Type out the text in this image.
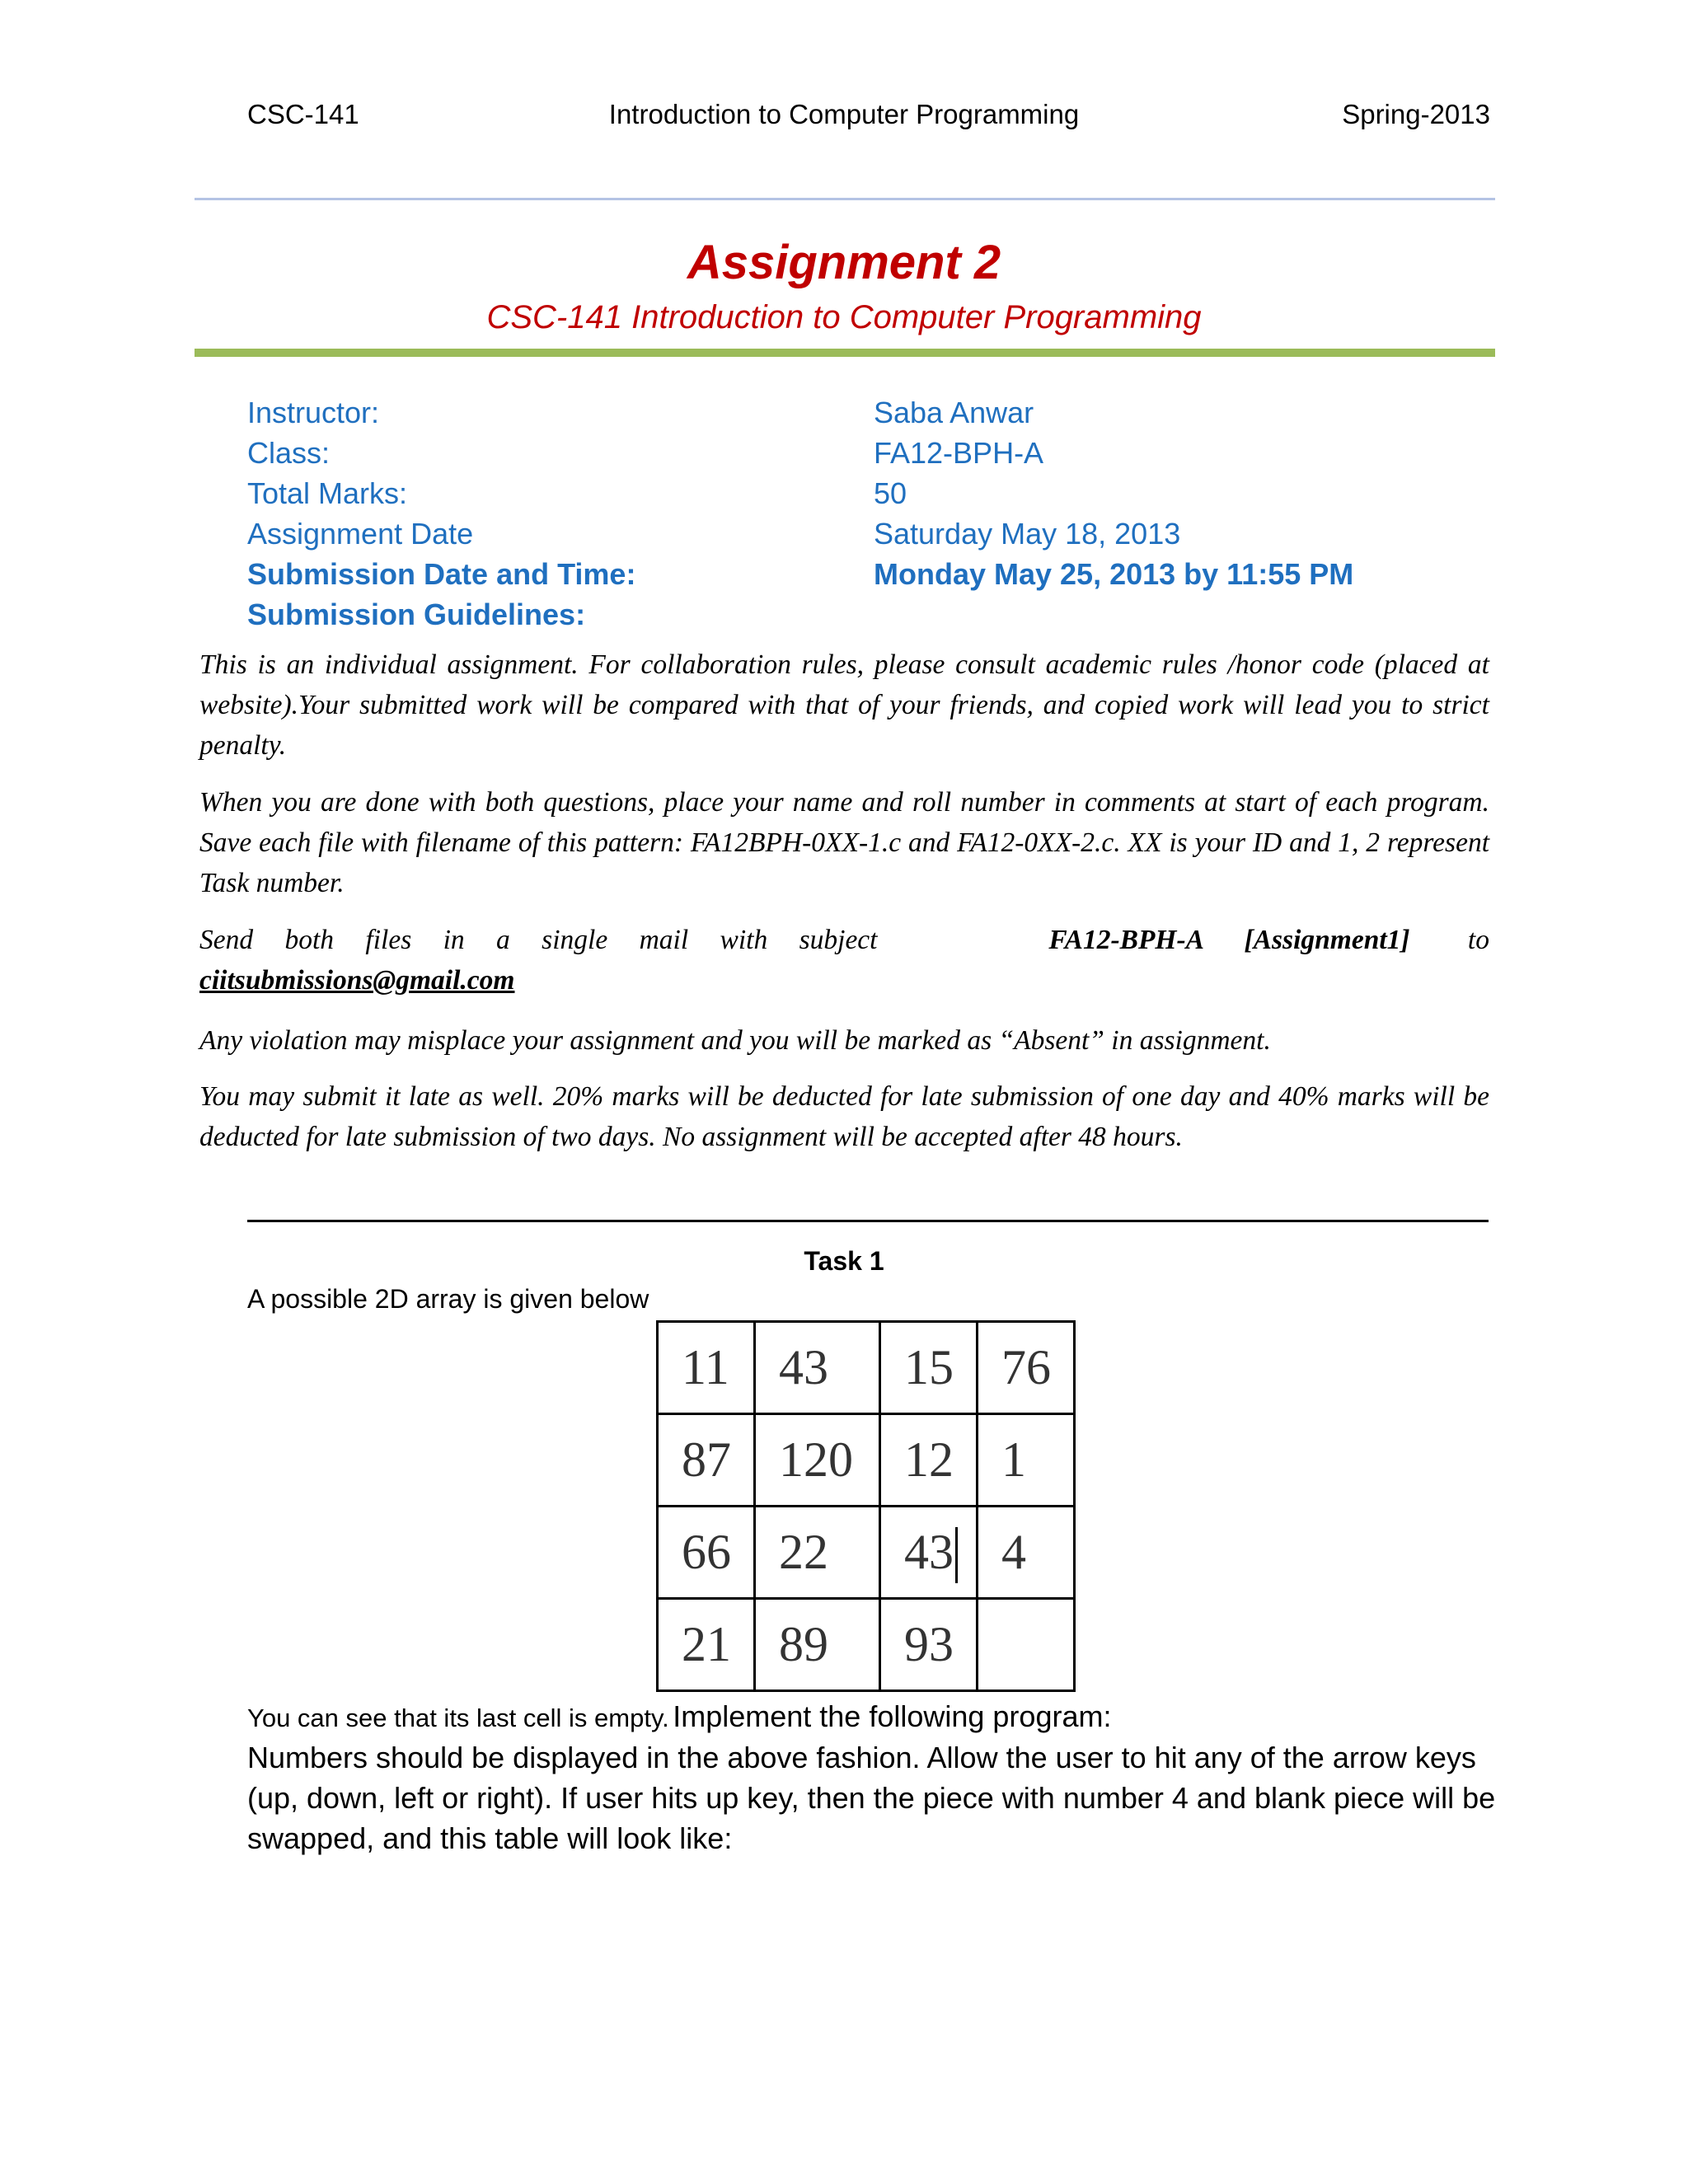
CSC-141	Introduction to Computer Programming	Spring-2013
Assignment 2
CSC-141 Introduction to Computer Programming
Instructor:	Saba Anwar
Class:	FA12-BPH-A
Total Marks:	50
Assignment Date	Saturday May 18, 2013
Submission Date and Time:	Monday May 25, 2013 by 11:55 PM
Submission Guidelines:
This is an individual assignment. For collaboration rules, please consult academic rules /honor code (placed at website).Your submitted work will be compared with that of your friends, and copied work will lead you to strict penalty.
When you are done with both questions, place your name and roll number in comments at start of each program. Save each file with filename of this pattern: FA12BPH-0XX-1.c and FA12-0XX-2.c. XX is your ID and 1, 2 represent Task number.
Send both files in a single mail with subject	FA12-BPH-A [Assignment1] to
ciitsubmissions@gmail.com
Any violation may misplace your assignment and you will be marked as “Absent” in assignment.
You may submit it late as well. 20% marks will be deducted for late submission of one day and 40% marks will be deducted for late submission of two days. No assignment will be accepted after 48 hours.
Task 1
A possible 2D array is given below
11	43	15	76
87	120	12	1
66	22	43	4
21	89	93	
You can see that its last cell is empty. Implement the following program:
Numbers should be displayed in the above fashion. Allow the user to hit any of the arrow keys (up, down, left or right). If user hits up key, then the piece with number 4 and blank piece will be swapped, and this table will look like:
